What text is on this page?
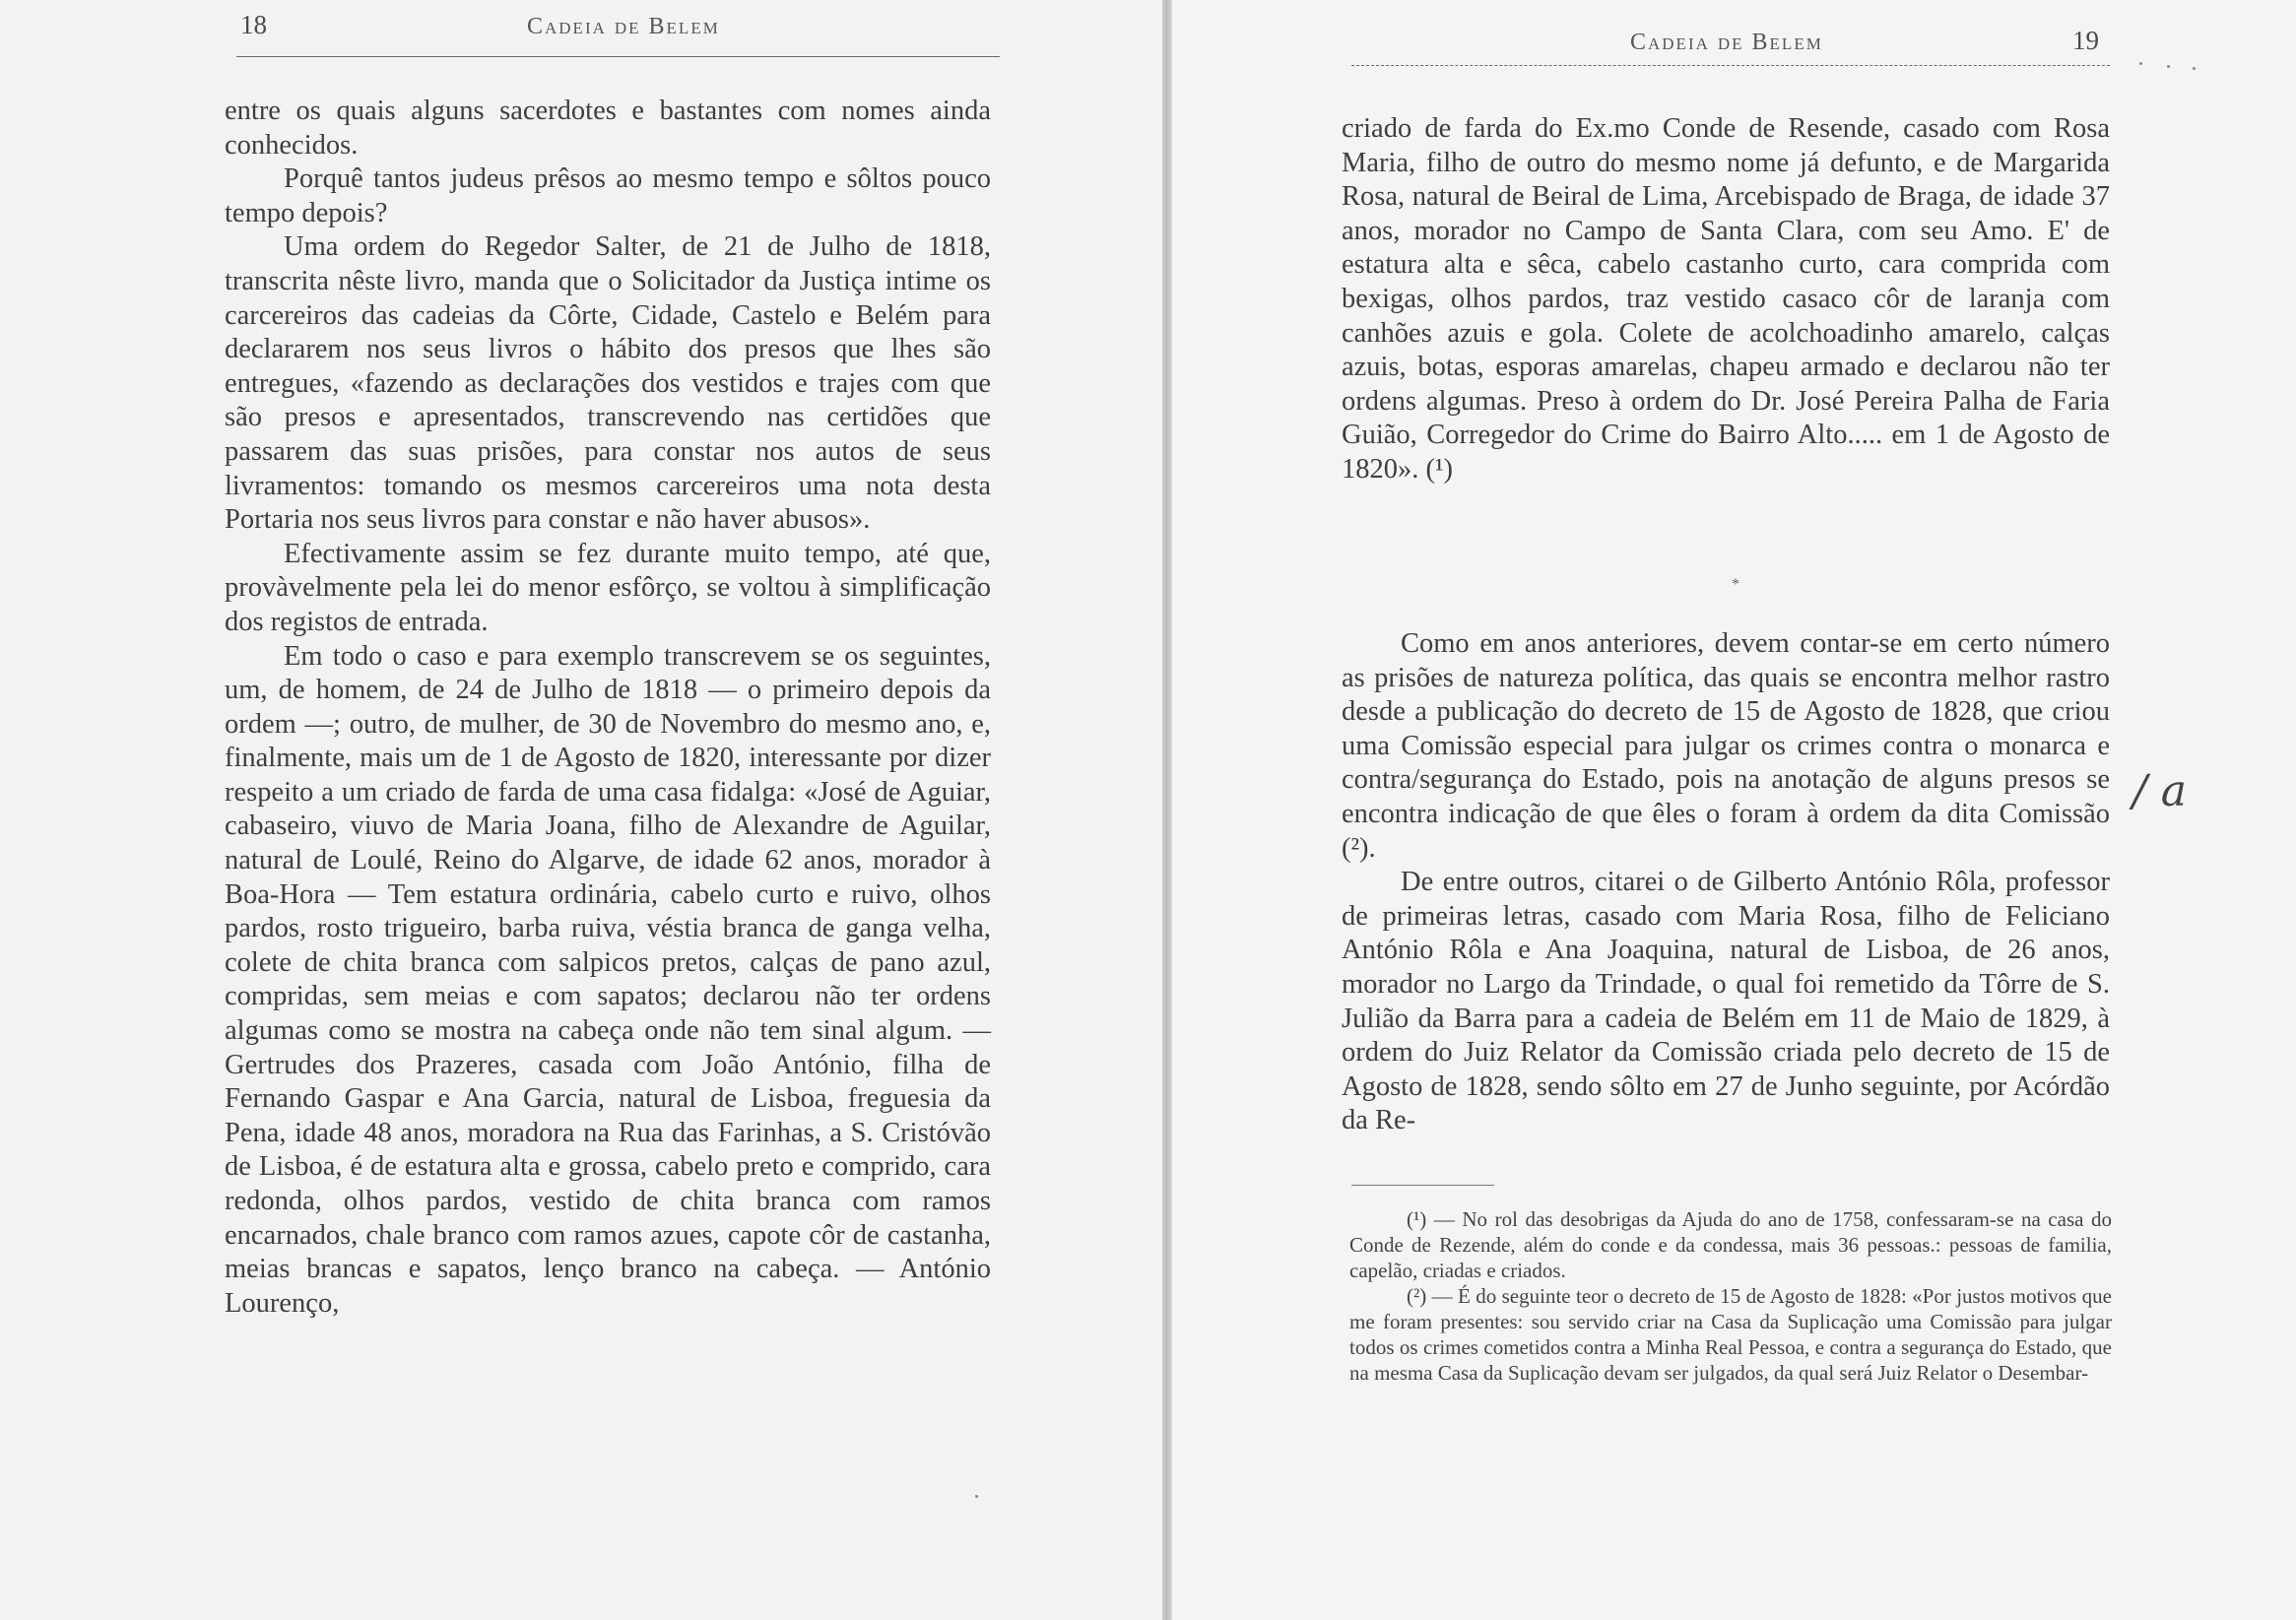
18	Cadeia de Belem

entre os quais alguns sacerdotes e bastantes com nomes ainda conhecidos.

Porquê tantos judeus prêsos ao mesmo tempo e sôltos pouco tempo depois?

Uma ordem do Regedor Salter, de 21 de Julho de 1818, transcrita nêste livro, manda que o Solicitador da Justiça intime os carcereiros das cadeias da Côrte, Cidade, Castelo e Belém para declararem nos seus livros o hábito dos presos que lhes são entregues, «fazendo as declarações dos vestidos e trajes com que são presos e apresentados, transcrevendo nas certidões que passarem das suas prisões, para constar nos autos de seus livramentos: tomando os mesmos carcereiros uma nota desta Portaria nos seus livros para constar e não haver abusos».

Efectivamente assim se fez durante muito tempo, até que, provàvelmente pela lei do menor esfôrço, se voltou à simplificação dos registos de entrada.

Em todo o caso e para exemplo transcrevem se os seguintes, um, de homem, de 24 de Julho de 1818 — o primeiro depois da ordem —; outro, de mulher, de 30 de Novembro do mesmo ano, e, finalmente, mais um de 1 de Agosto de 1820, interessante por dizer respeito a um criado de farda de uma casa fidalga: «José de Aguiar, cabaseiro, viuvo de Maria Joana, filho de Alexandre de Aguilar, natural de Loulé, Reino do Algarve, de idade 62 anos, morador à Boa-Hora — Tem estatura ordinária, cabelo curto e ruivo, olhos pardos, rosto trigueiro, barba ruiva, véstia branca de ganga velha, colete de chita branca com salpicos pretos, calças de pano azul, compridas, sem meias e com sapatos; declarou não ter ordens algumas como se mostra na cabeça onde não tem sinal algum. — Gertrudes dos Prazeres, casada com João António, filha de Fernando Gaspar e Ana Garcia, natural de Lisboa, freguesia da Pena, idade 48 anos, moradora na Rua das Farinhas, a S. Cristóvão de Lisboa, é de estatura alta e grossa, cabelo preto e comprido, cara redonda, olhos pardos, vestido de chita branca com ramos encarnados, chale branco com ramos azues, capote côr de castanha, meias brancas e sapatos, lenço branco na cabeça. — António Lourenço,

Cadeia de Belem	19

criado de farda do Ex.mo Conde de Resende, casado com Rosa Maria, filho de outro do mesmo nome já defunto, e de Margarida Rosa, natural de Beiral de Lima, Arcebispado de Braga, de idade 37 anos, morador no Campo de Santa Clara, com seu Amo. E' de estatura alta e sêca, cabelo castanho curto, cara comprida com bexigas, olhos pardos, traz vestido casaco côr de laranja com canhões azuis e gola. Colete de acolchoadinho amarelo, calças azuis, botas, esporas amarelas, chapeu armado e declarou não ter ordens algumas. Preso à ordem do Dr. José Pereira Palha de Faria Guião, Corregedor do Crime do Bairro Alto..... em 1 de Agosto de 1820». (¹)

*

Como em anos anteriores, devem contar-se em certo número as prisões de natureza política, das quais se encontra melhor rastro desde a publicação do decreto de 15 de Agosto de 1828, que criou uma Comissão especial para julgar os crimes contra o monarca e contra/segurança do Estado, pois na anotação de alguns presos se encontra indicação de que êles o foram à ordem da dita Comissão (²).

De entre outros, citarei o de Gilberto António Rôla, professor de primeiras letras, casado com Maria Rosa, filho de Feliciano António Rôla e Ana Joaquina, natural de Lisboa, de 26 anos, morador no Largo da Trindade, o qual foi remetido da Tôrre de S. Julião da Barra para a cadeia de Belém em 11 de Maio de 1829, à ordem do Juiz Relator da Comissão criada pelo decreto de 15 de Agosto de 1828, sendo sôlto em 27 de Junho seguinte, por Acórdão da Re-

(¹) — No rol das desobrigas da Ajuda do ano de 1758, confessaram-se na casa do Conde de Rezende, além do conde e da condessa, mais 36 pessoas.: pessoas de familia, capelão, criadas e criados.

(²) — É do seguinte teor o decreto de 15 de Agosto de 1828: «Por justos motivos que me foram presentes: sou servido criar na Casa da Suplicação uma Comissão para julgar todos os crimes cometidos contra a Minha Real Pessoa, e contra a segurança do Estado, que na mesma Casa da Suplicação devam ser julgados, da qual será Juiz Relator o Desembar-

/ a
